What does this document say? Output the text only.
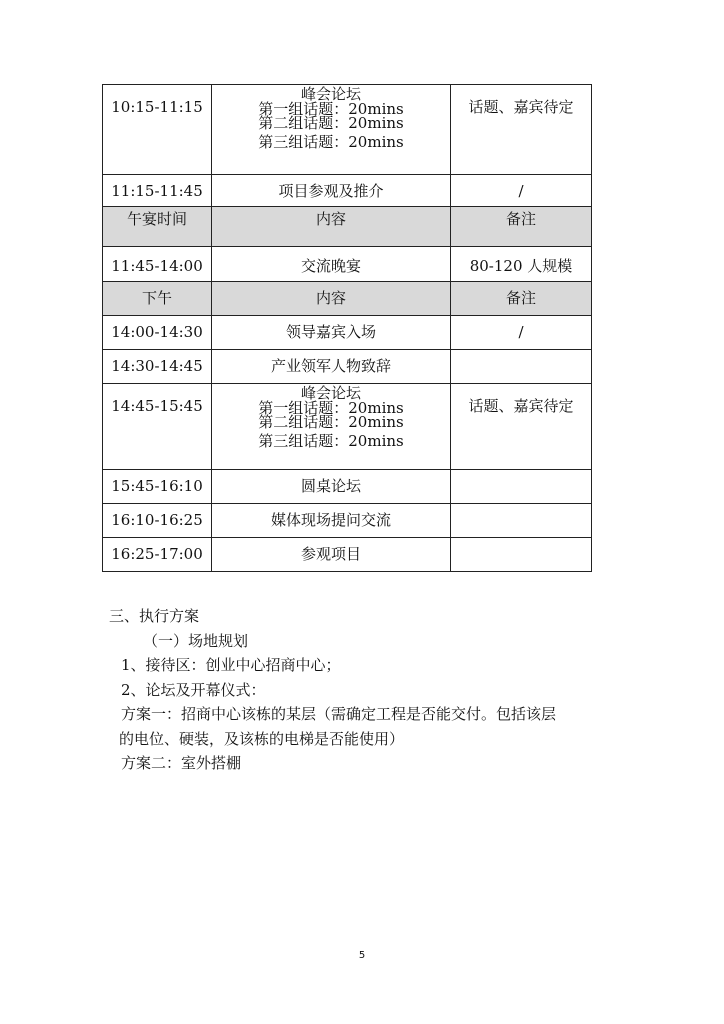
10:15-11:15	峰会论坛
第一组话题：20mins
第二组话题：20mins
第三组话题：20mins	话题、嘉宾待定

11:15-11:45	项目参观及推介	/

午宴时间	内容	备注

11:45-14:00	交流晚宴	80-120 人规模

下午	内容	备注

14:00-14:30	领导嘉宾入场	/

14:30-14:45	产业领军人物致辞	

14:45-15:45	峰会论坛
第一组话题：20mins
第二组话题：20mins
第三组话题：20mins	话题、嘉宾待定

15:45-16:10	圆桌论坛	

16:10-16:25	媒体现场提问交流	

16:25-17:00	参观项目	

三、执行方案

（一）场地规划

1、接待区：创业中心招商中心；

2、论坛及开幕仪式：

方案一：招商中心该栋的某层（需确定工程是否能交付。包括该层

的电位、硬装，及该栋的电梯是否能使用）

方案二：室外搭棚

5
